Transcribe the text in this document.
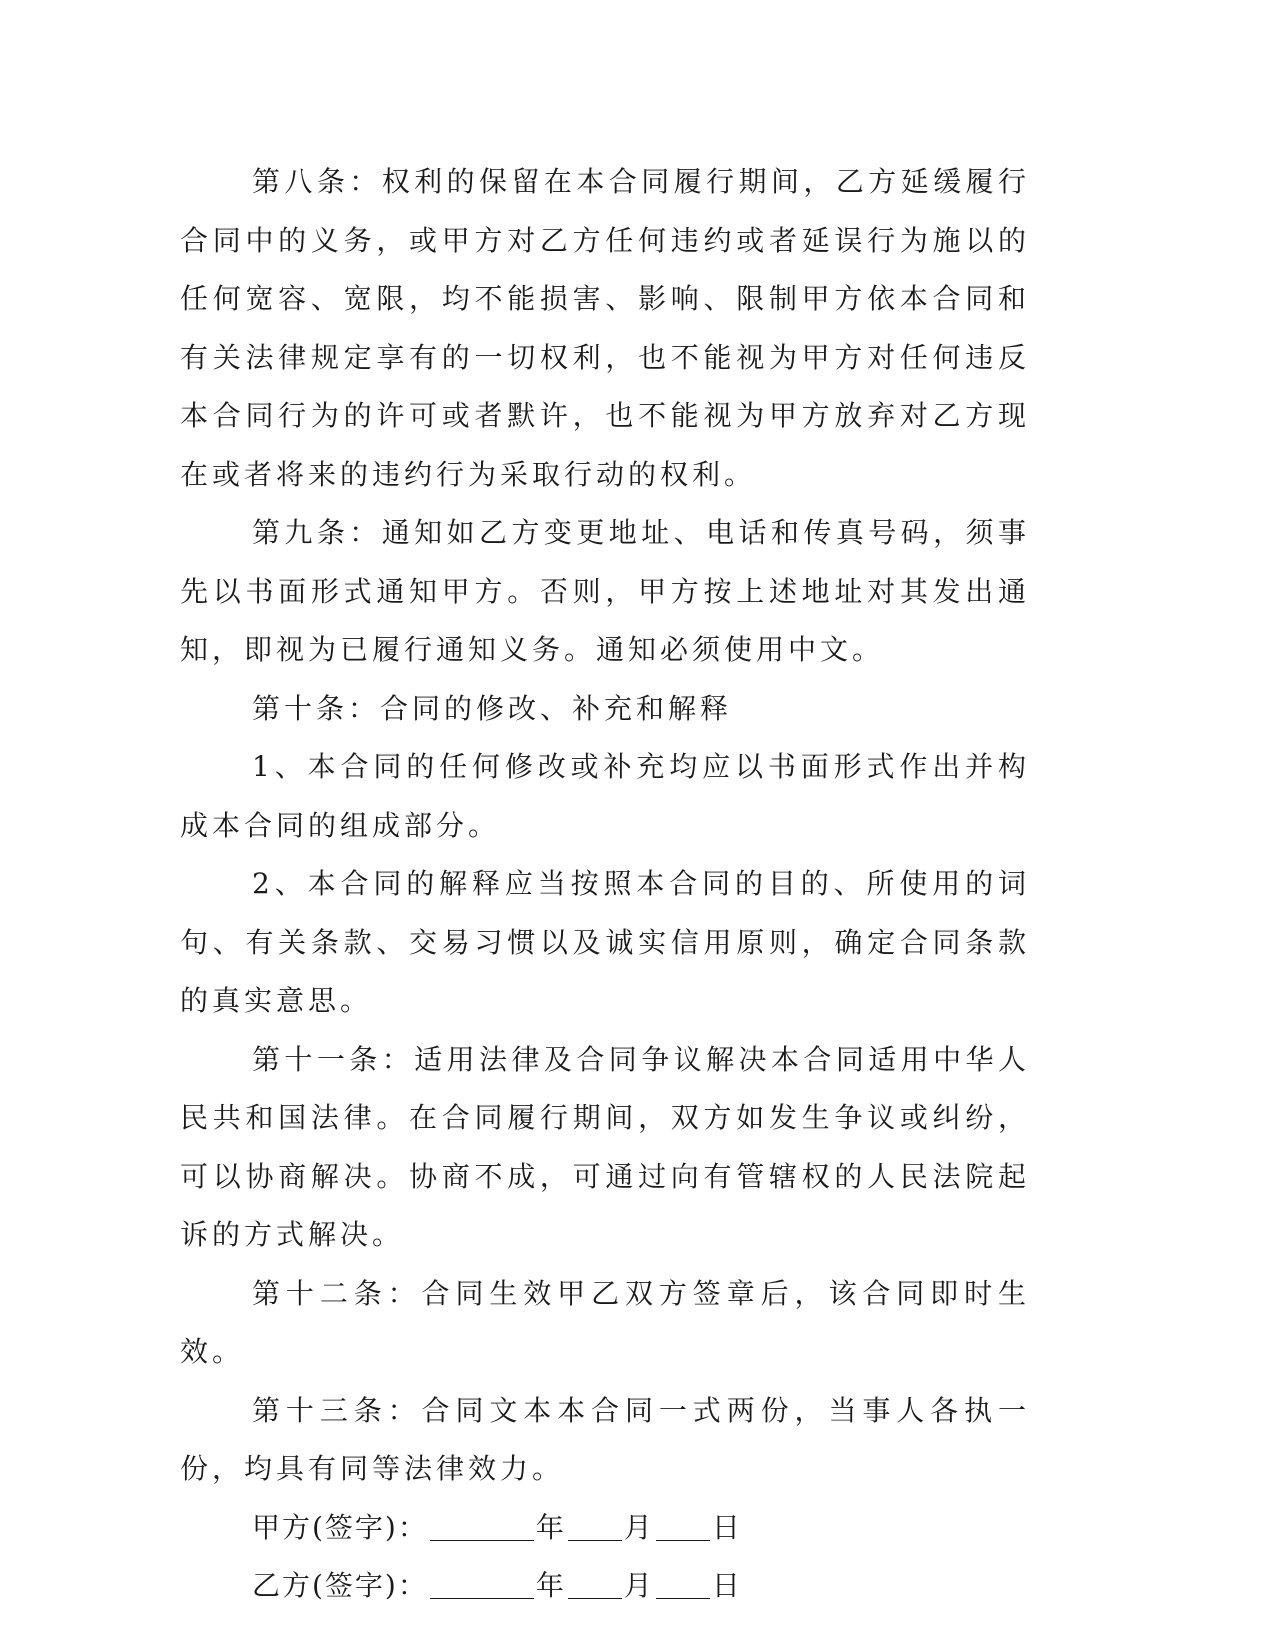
第八条：权利的保留在本合同履行期间，乙方延缓履行合同中的义务，或甲方对乙方任何违约或者延误行为施以的任何宽容、宽限，均不能损害、影响、限制甲方依本合同和有关法律规定享有的一切权利，也不能视为甲方对任何违反本合同行为的许可或者默许，也不能视为甲方放弃对乙方现在或者将来的违约行为采取行动的权利。

第九条：通知如乙方变更地址、电话和传真号码，须事先以书面形式通知甲方。否则，甲方按上述地址对其发出通知，即视为已履行通知义务。通知必须使用中文。

第十条：合同的修改、补充和解释

1、本合同的任何修改或补充均应以书面形式作出并构成本合同的组成部分。

2、本合同的解释应当按照本合同的目的、所使用的词句、有关条款、交易习惯以及诚实信用原则，确定合同条款的真实意思。

第十一条：适用法律及合同争议解决本合同适用中华人民共和国法律。在合同履行期间，双方如发生争议或纠纷，可以协商解决。协商不成，可通过向有管辖权的人民法院起诉的方式解决。

第十二条：合同生效甲乙双方签章后，该合同即时生效。

第十三条：合同文本本合同一式两份，当事人各执一份，均具有同等法律效力。

甲方(签字)：	年 月 日

乙方(签字)：	年 月 日
